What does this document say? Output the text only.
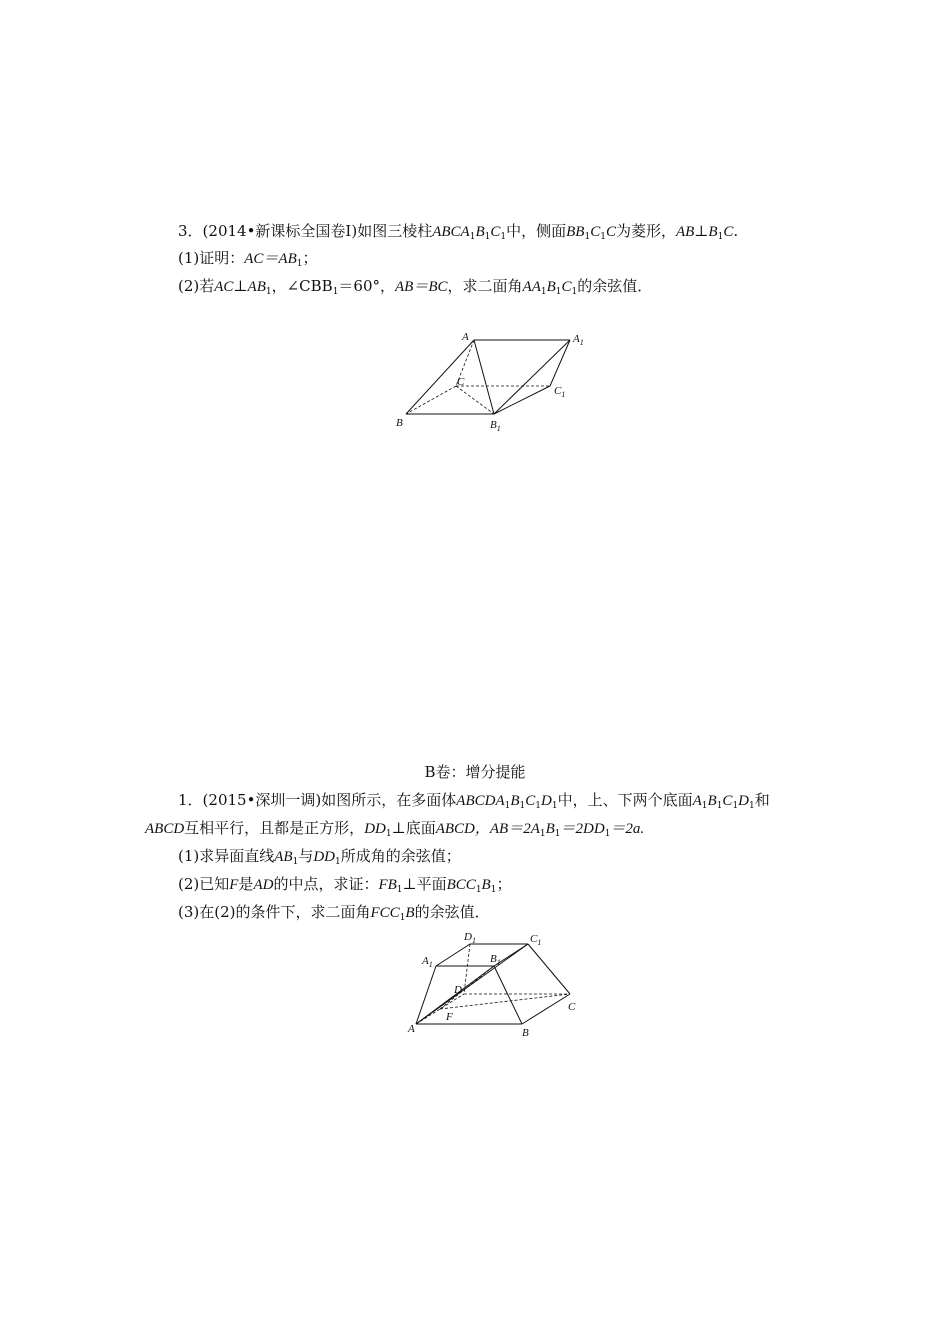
3．(2014•新课标全国卷Ⅰ)如图三棱柱$ABCA_1B_1C_1$中，侧面$BB_1C_1C$为菱形，$AB\perp B_1C$.
(1)证明：$AC=AB_1$；
(2)若$AC\perp AB_1$，$\angle CBB_1=60^\circ$，AB＝BC，求二面角$AA_1B_1C_1$的余弦值．
A	$A_1$
C
$C_1$
B	$B_1$
B卷：增分提能
1．(2015•深圳一调)如图所示，在多面体$ABCDA_1B_1C_1D_1$中，上、下两个底面$A_1B_1C_1D_1$和
ABCD互相平行，且都是正方形，$DD_1\perp$底面ABCD，$AB=2A_1B_1=2DD_1=2a$.
(1)求异面直线$AB_1$与$DD_1$所成角的余弦值；
(2)已知F是AD的中点，求证：$FB_1\perp$平面$BCC_1B_1$；
(3)在(2)的条件下，求二面角$FCC_1B$的余弦值．
$D_1$	$C_1$
$A_1$	$B_1$
D
C
F
A	B
